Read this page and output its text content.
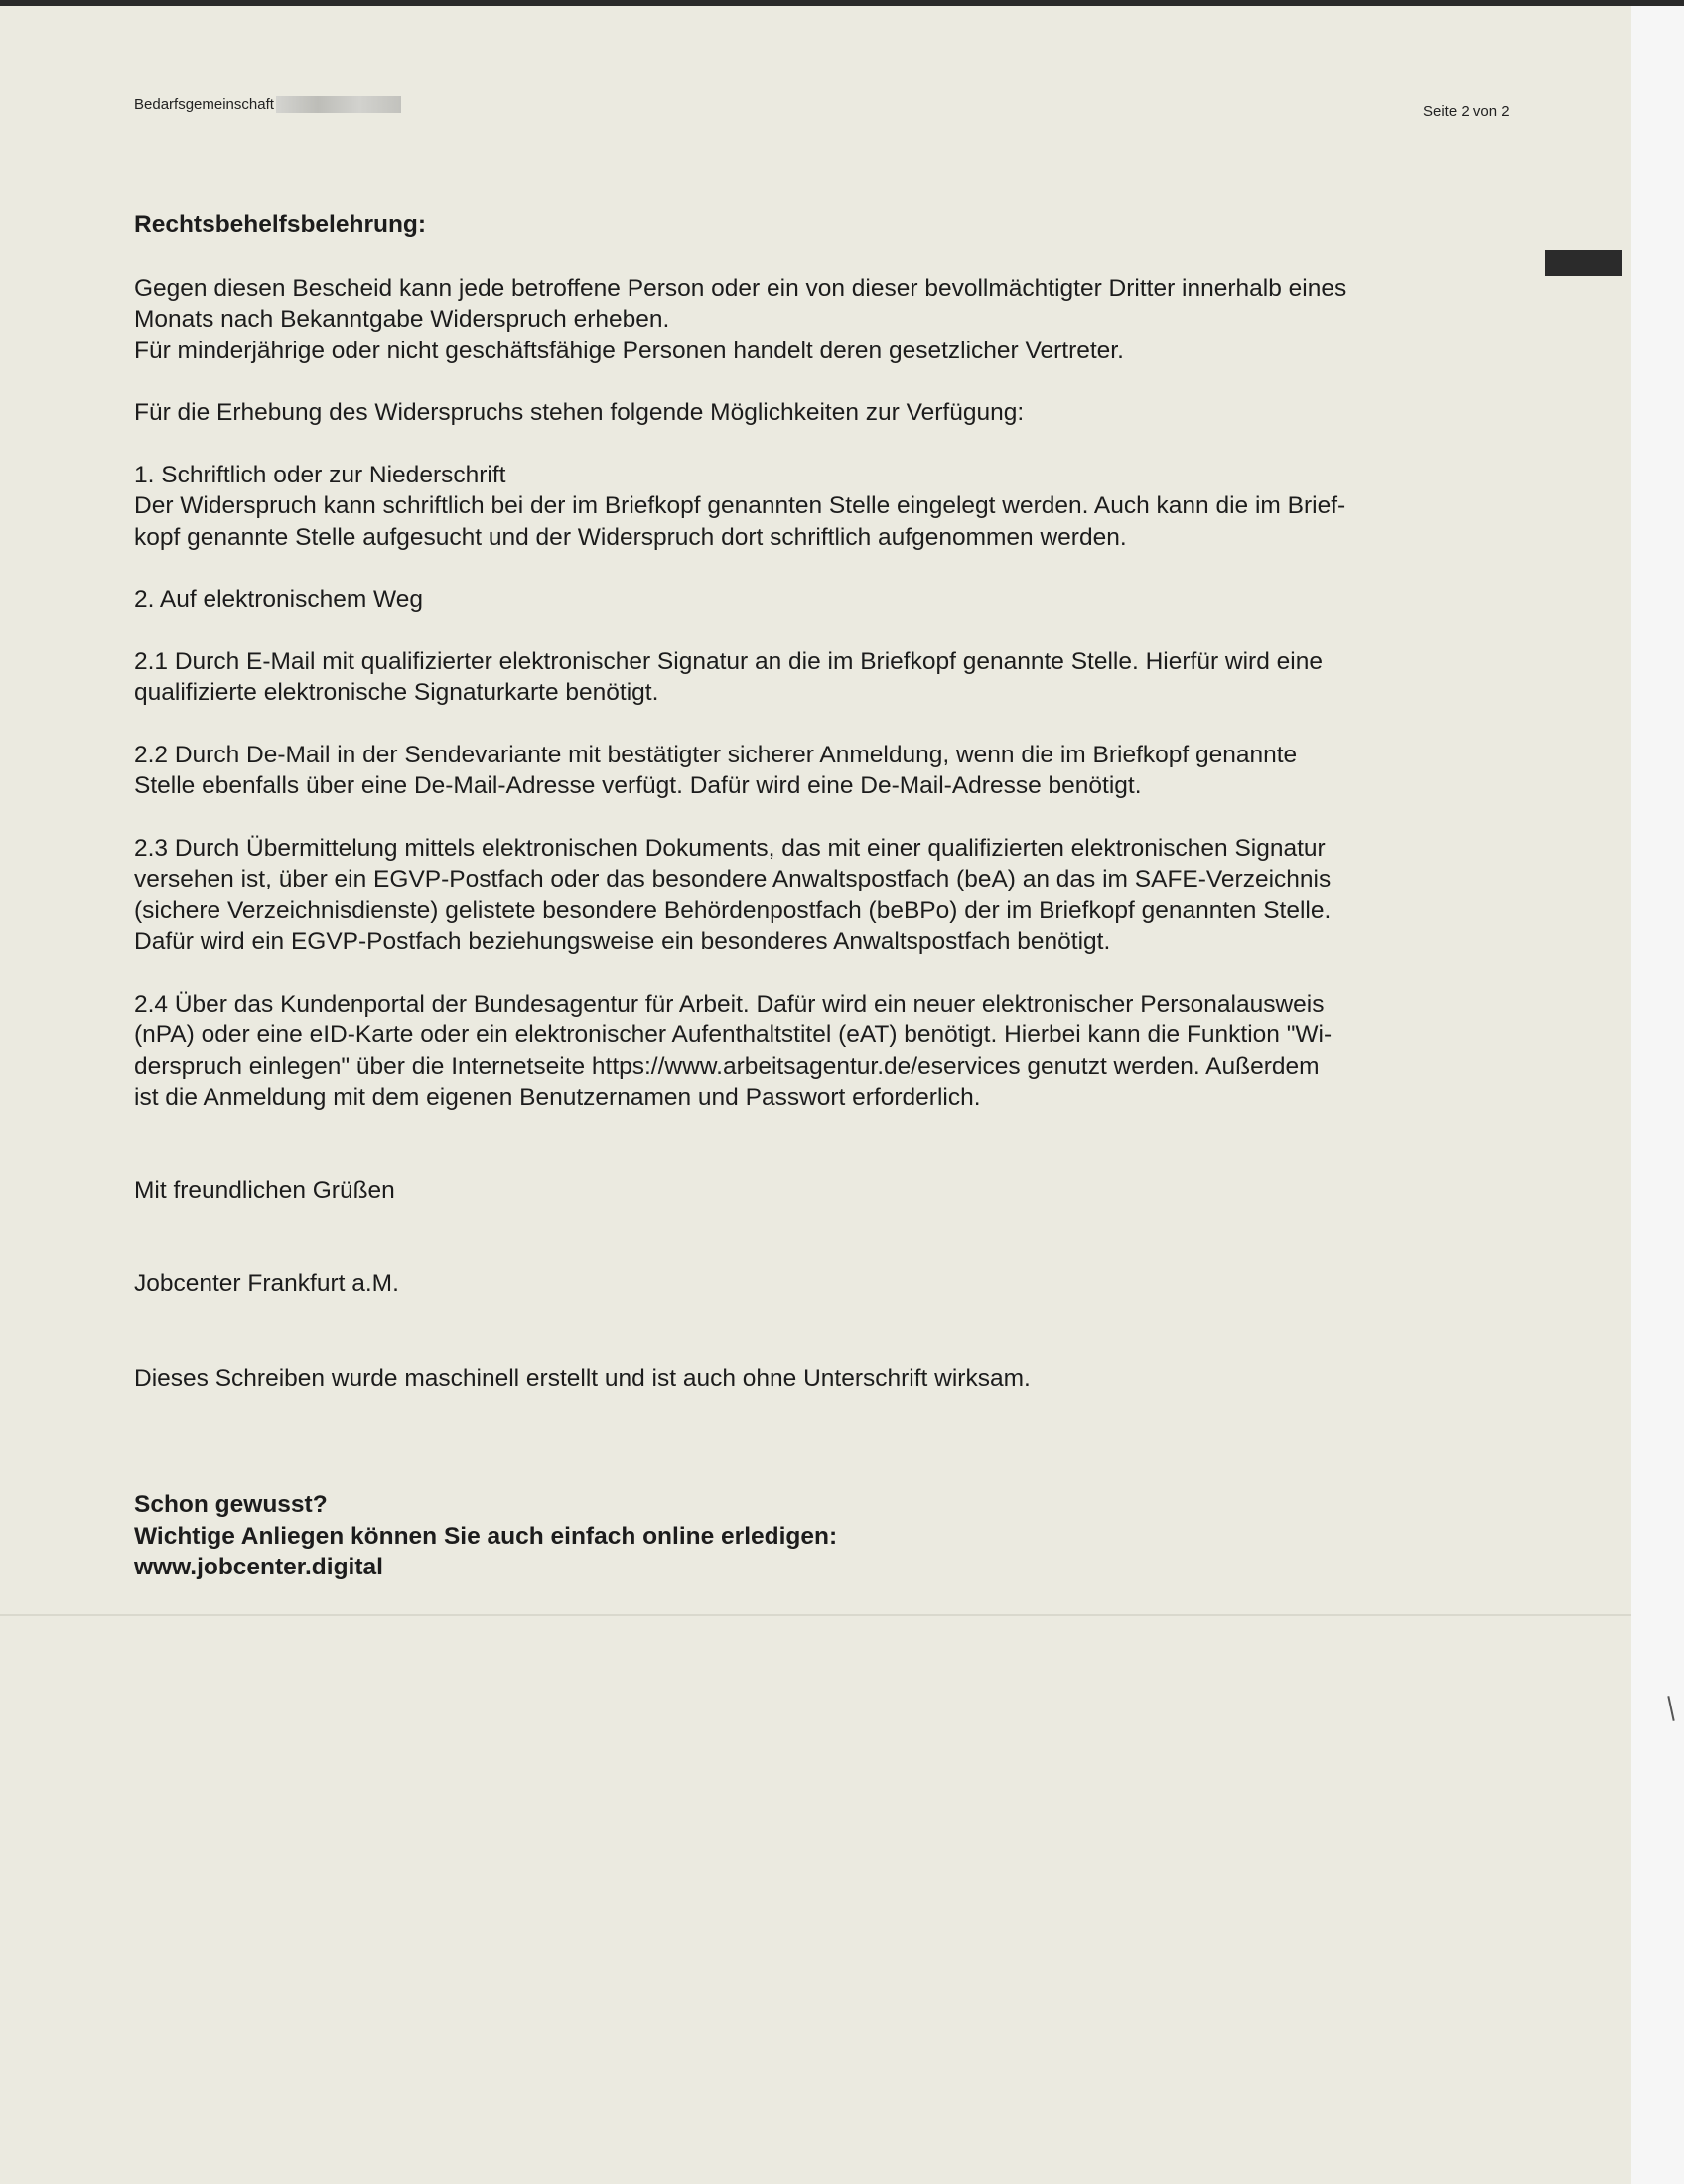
Bedarfsgemeinschaft	Seite 2 von 2

Rechtsbehelfsbelehrung:

Gegen diesen Bescheid kann jede betroffene Person oder ein von dieser bevollmächtigter Dritter innerhalb eines

Monats nach Bekanntgabe Widerspruch erheben.

Für minderjährige oder nicht geschäftsfähige Personen handelt deren gesetzlicher Vertreter.

Für die Erhebung des Widerspruchs stehen folgende Möglichkeiten zur Verfügung:

1. Schriftlich oder zur Niederschrift

Der Widerspruch kann schriftlich bei der im Briefkopf genannten Stelle eingelegt werden. Auch kann die im Brief-

kopf genannte Stelle aufgesucht und der Widerspruch dort schriftlich aufgenommen werden.

2. Auf elektronischem Weg

2.1 Durch E-Mail mit qualifizierter elektronischer Signatur an die im Briefkopf genannte Stelle. Hierfür wird eine

qualifizierte elektronische Signaturkarte benötigt.

2.2 Durch De-Mail in der Sendevariante mit bestätigter sicherer Anmeldung, wenn die im Briefkopf genannte

Stelle ebenfalls über eine De-Mail-Adresse verfügt. Dafür wird eine De-Mail-Adresse benötigt.

2.3 Durch Übermittelung mittels elektronischen Dokuments, das mit einer qualifizierten elektronischen Signatur

versehen ist, über ein EGVP-Postfach oder das besondere Anwaltspostfach (beA) an das im SAFE-Verzeichnis

(sichere Verzeichnisdienste) gelistete besondere Behördenpostfach (beBPo) der im Briefkopf genannten Stelle.

Dafür wird ein EGVP-Postfach beziehungsweise ein besonderes Anwaltspostfach benötigt.

2.4 Über das Kundenportal der Bundesagentur für Arbeit. Dafür wird ein neuer elektronischer Personalausweis

(nPA) oder eine eID-Karte oder ein elektronischer Aufenthaltstitel (eAT) benötigt. Hierbei kann die Funktion "Wi-

derspruch einlegen" über die Internetseite https://www.arbeitsagentur.de/eservices genutzt werden. Außerdem

ist die Anmeldung mit dem eigenen Benutzernamen und Passwort erforderlich.

Mit freundlichen Grüßen

Jobcenter Frankfurt a.M.

Dieses Schreiben wurde maschinell erstellt und ist auch ohne Unterschrift wirksam.

Schon gewusst?

Wichtige Anliegen können Sie auch einfach online erledigen:

www.jobcenter.digital
